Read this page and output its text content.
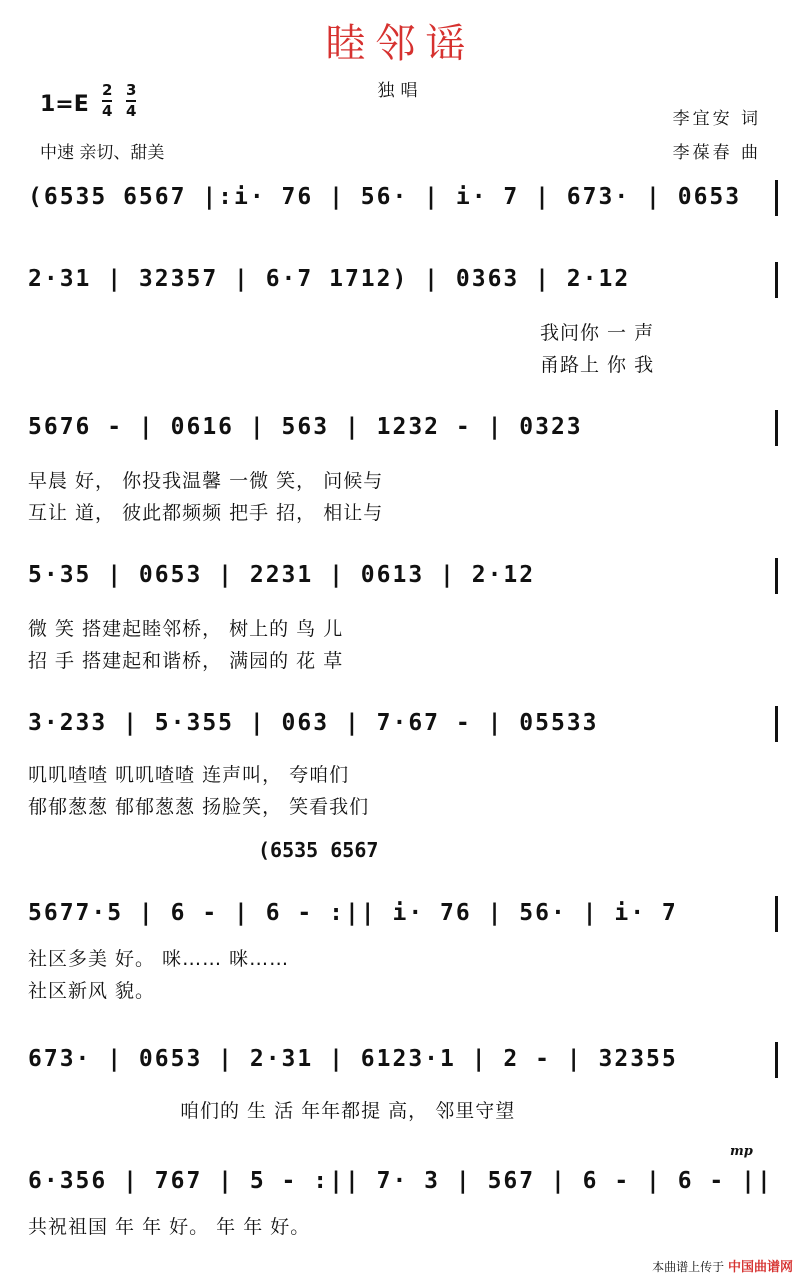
睦邻谣
独唱
1=E
2
4
3
4
中速 亲切、甜美
李宜安 词
李葆春 曲
(6535 6567 |:i· 76 | 56· | i· 7 | 673· | 0653
2·31 | 32357 | 6·7 1712) | 0363 | 2·12
我问你 一 声
甬路上 你 我
5676 - | 0616 | 563 | 1232 - | 0323
早晨 好， 你投我温馨 一微 笑， 问候与
互让 道， 彼此都频频 把手 招， 相让与
5·35 | 0653 | 2231 | 0613 | 2·12
微 笑 搭建起睦邻桥， 树上的 鸟 儿
招 手 搭建起和谐桥， 满园的 花 草
3·233 | 5·355 | 063 | 7·67 - | 05533
叽叽喳喳 叽叽喳喳 连声叫， 夸咱们
郁郁葱葱 郁郁葱葱 扬脸笑， 笑看我们
(6535 6567
5677·5 | 6 - | 6 - :|| i· 76 | 56· | i· 7
社区多美 好。 咪…… 咪……
社区新风 貌。
673· | 0653 | 2·31 | 6123·1 | 2 - | 32355
咱们的 生 活 年年都提 高， 邻里守望
mp
6·356 | 767 | 5 - :|| 7· 3 | 567 | 6 - | 6 - ||
共祝祖国 年 年 好。 年 年 好。
本曲谱上传于 中国曲谱网
